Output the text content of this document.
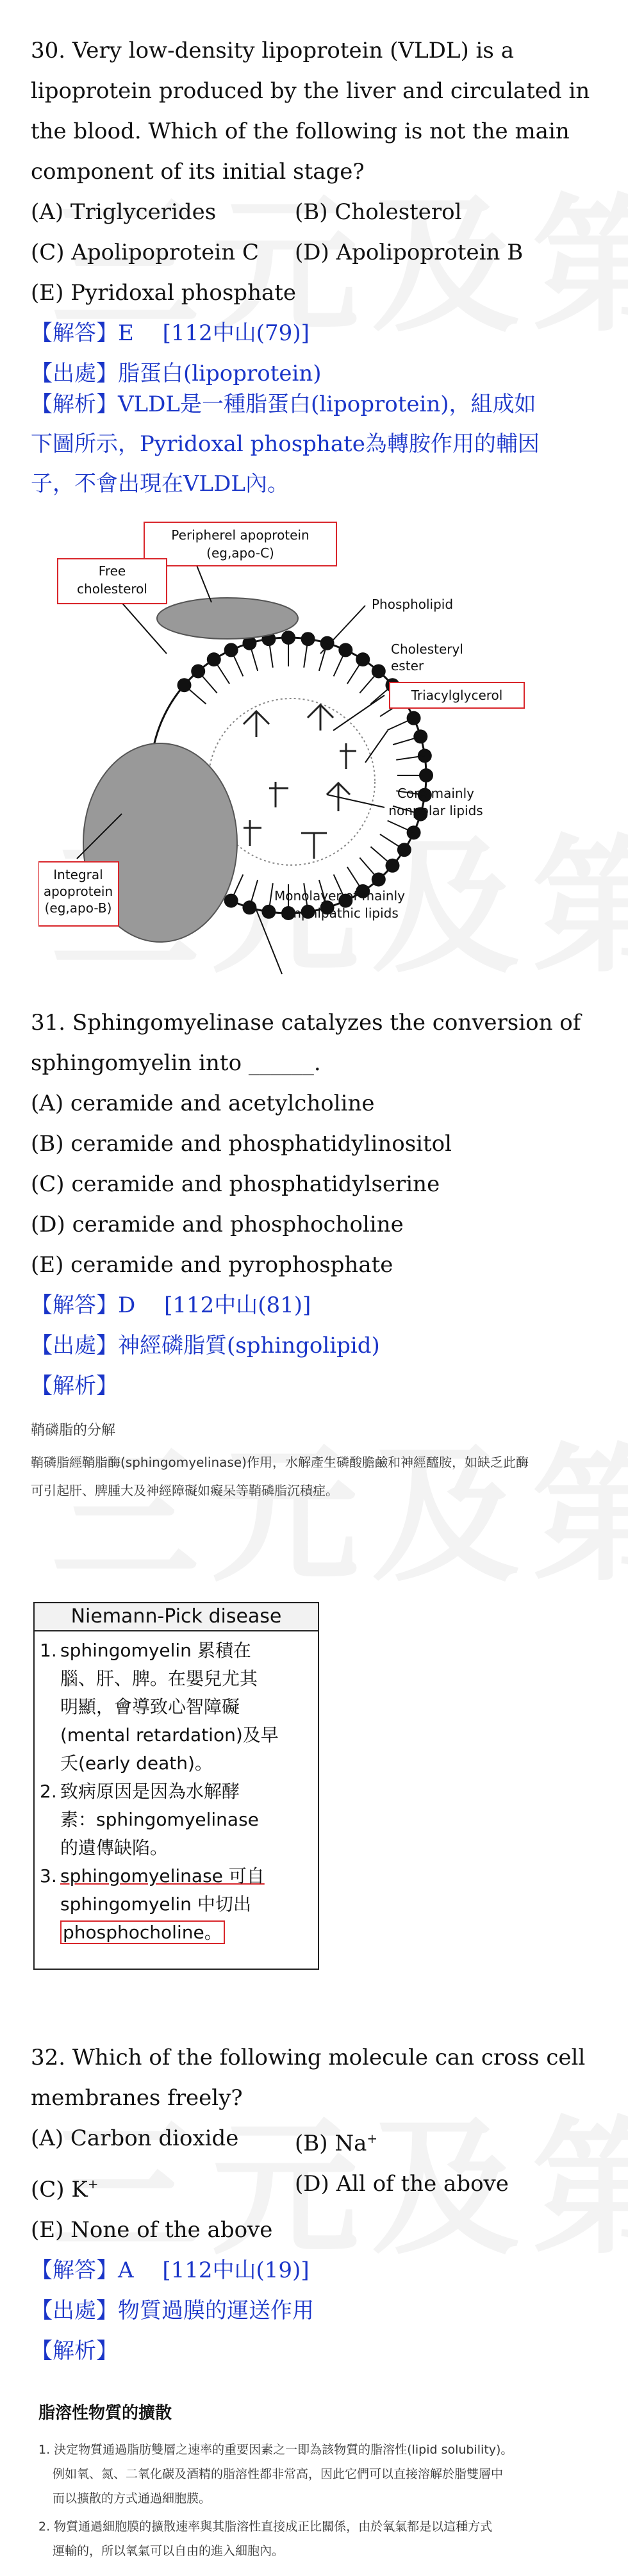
30. Very low-density lipoprotein (VLDL) is a

lipoprotein produced by the liver and circulated in

the blood. Which of the following is not the main

component of its initial stage?

(A) Triglycerides	(B) Cholesterol
(C) Apolipoprotein C	(D) Apolipoprotein B
(E) Pyridoxal phosphate

【解答】E　 [112中山(79)]

【出處】脂蛋白(lipoprotein)

【解析】VLDL是一種脂蛋白(lipoprotein)，組成如
下圖所示，Pyridoxal phosphate為轉胺作用的輔因
子，不會出現在VLDL內。
Peripherel apoprotein
(eg,apo-C)
Phospholipid
Free
cholesterol
Cholesteryl
ester
Triacylglycerol
Core mainly
nonpolar lipids
Integral
apoprotein
(eg,apo-B)
Monolayer of mainly
amphipathic lipids

31. Sphingomyelinase catalyzes the conversion of

sphingomyelin into ______.

(A) ceramide and acetylcholine

(B) ceramide and phosphatidylinositol

(C) ceramide and phosphatidylserine

(D) ceramide and phosphocholine

(E) ceramide and pyrophosphate

【解答】D　 [112中山(81)]

【出處】神經磷脂質(sphingolipid)

【解析】

鞘磷脂的分解
鞘磷脂經鞘脂酶(sphingomyelinase)作用，水解產生磷酸膽鹼和神經醯胺，如缺乏此酶
可引起肝、脾腫大及神經障礙如癡呆等鞘磷脂沉積症。
Niemann-Pick disease
1. sphingomyelin 累積在
腦、肝、脾。在嬰兒尤其
明顯，會導致心智障礙
(mental retardation)及早
夭(early death)。
2. 致病原因是因為水解酵
素：sphingomyelinase
的遺傳缺陷。
3. sphingomyelinase 可自
sphingomyelin 中切出
phosphocholine。

32. Which of the following molecule can cross cell

membranes freely?

(A) Carbon dioxide	(B) Na+
(C) K+	(D) All of the above
(E) None of the above

【解答】A　 [112中山(19)]

【出處】物質過膜的運送作用

【解析】

脂溶性物質的擴散
1. 決定物質通過脂肪雙層之速率的重要因素之一即為該物質的脂溶性(lipid solubility)。
例如氧、氮、二氧化碳及酒精的脂溶性都非常高，因此它們可以直接溶解於脂雙層中
而以擴散的方式通過細胞膜。
2. 物質通過細胞膜的擴散速率與其脂溶性直接成正比關係，由於氧氣都是以這種方式
運輸的，所以氧氣可以自由的進入細胞內。
